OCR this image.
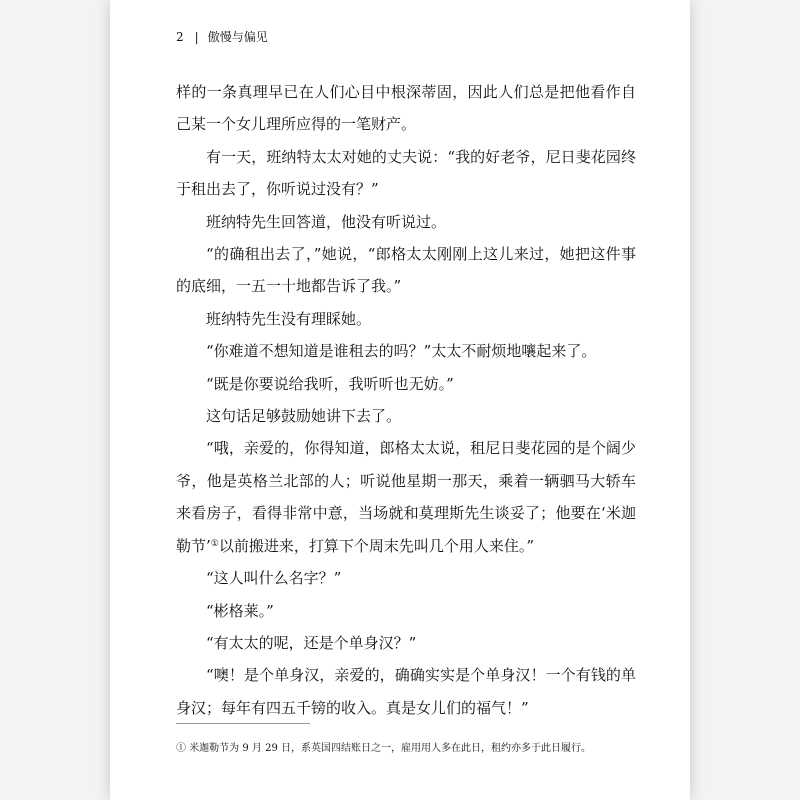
2 | 傲慢与偏见

样的一条真理早已在人们心目中根深蒂固，因此人们总是把他看作自己某一个女儿理所应得的一笔财产。

有一天，班纳特太太对她的丈夫说：“我的好老爷，尼日斐花园终于租出去了，你听说过没有？”

班纳特先生回答道，他没有听说过。

“的确租出去了，”她说，“郎格太太刚刚上这儿来过，她把这件事的底细，一五一十地都告诉了我。”

班纳特先生没有理睬她。

“你难道不想知道是谁租去的吗？”太太不耐烦地嚷起来了。

“既是你要说给我听，我听听也无妨。”

这句话足够鼓励她讲下去了。

“哦，亲爱的，你得知道，郎格太太说，租尼日斐花园的是个阔少爷，他是英格兰北部的人；听说他星期一那天，乘着一辆驷马大轿车来看房子，看得非常中意，当场就和莫理斯先生谈妥了；他要在‘米迦勒节’①以前搬进来，打算下个周末先叫几个用人来住。”

“这人叫什么名字？”

“彬格莱。”

“有太太的呢，还是个单身汉？”

“噢！是个单身汉，亲爱的，确确实实是个单身汉！一个有钱的单身汉；每年有四五千镑的收入。真是女儿们的福气！”

① 米迦勒节为 9 月 29 日，系英国四结账日之一，雇用用人多在此日，租约亦多于此日履行。
